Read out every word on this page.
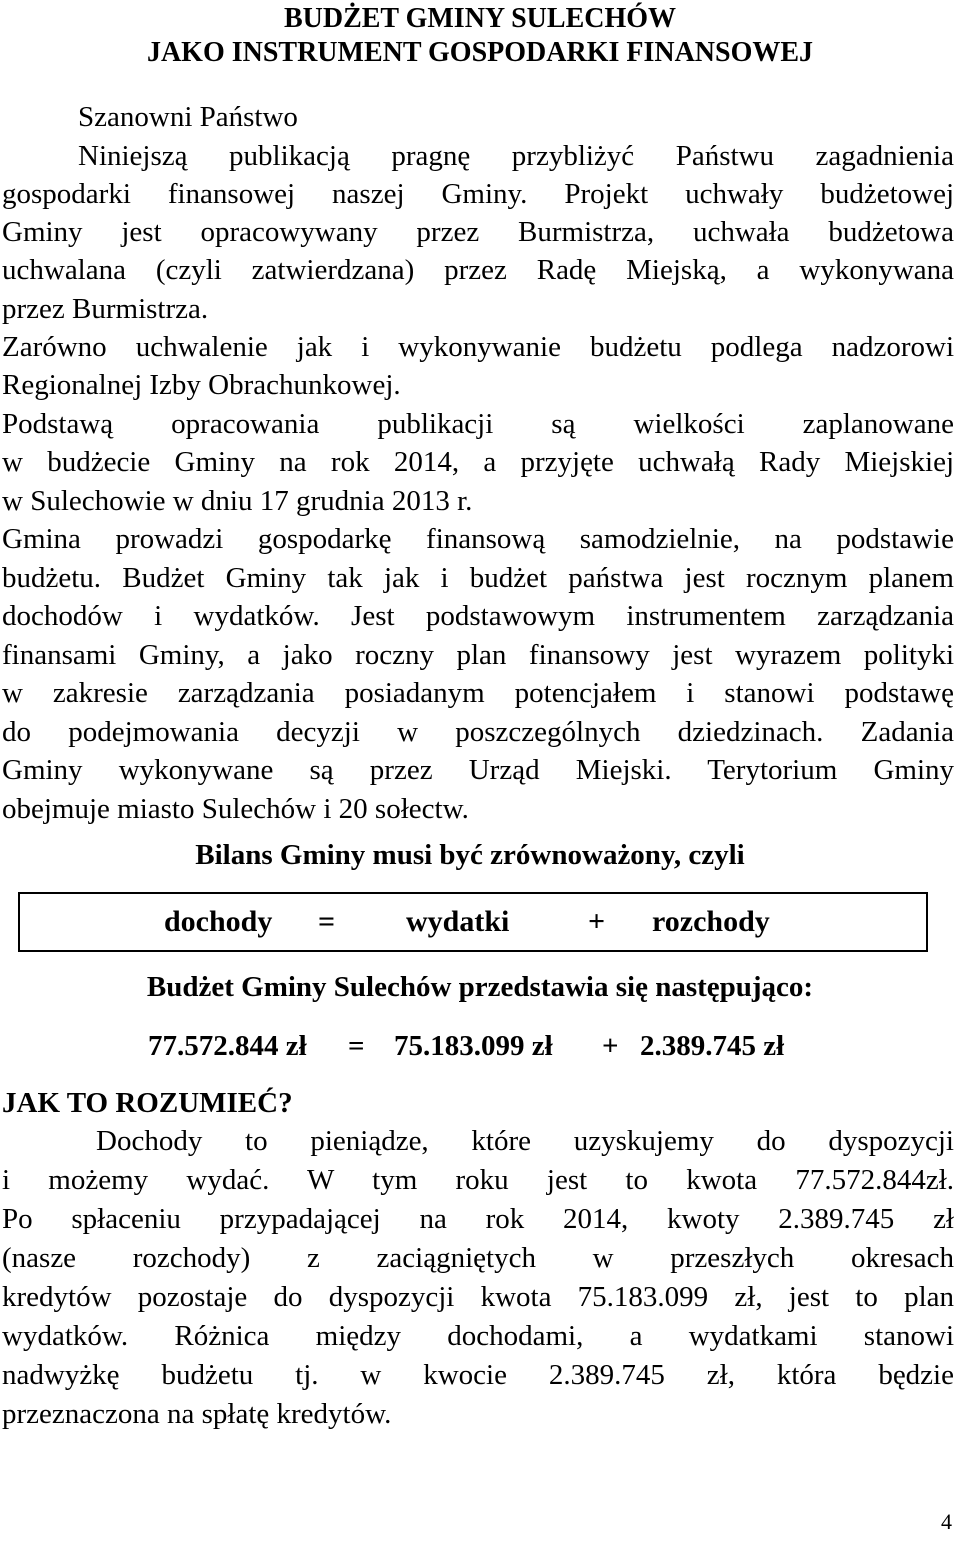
BUDŻET GMINY SULECHÓW
JAKO INSTRUMENT GOSPODARKI FINANSOWEJ
Szanowni Państwo
Niniejszą publikacją pragnę przybliżyć Państwu zagadnienia
gospodarki finansowej naszej Gminy. Projekt uchwały budżetowej
Gminy jest opracowywany przez Burmistrza, uchwała budżetowa
uchwalana (czyli zatwierdzana) przez Radę Miejską, a wykonywana
przez Burmistrza.
Zarówno uchwalenie jak i wykonywanie budżetu podlega nadzorowi
Regionalnej Izby Obrachunkowej.
Podstawą opracowania publikacji są wielkości zaplanowane
w budżecie Gminy na rok 2014, a przyjęte uchwałą Rady Miejskiej
w Sulechowie w dniu 17 grudnia 2013 r.
Gmina prowadzi gospodarkę finansową samodzielnie, na podstawie
budżetu. Budżet Gminy tak jak i budżet państwa jest rocznym planem
dochodów i wydatków. Jest podstawowym instrumentem zarządzania
finansami Gminy, a jako roczny plan finansowy jest wyrazem polityki
w zakresie zarządzania posiadanym potencjałem i stanowi podstawę
do podejmowania decyzji w poszczególnych dziedzinach. Zadania
Gminy wykonywane są przez Urząd Miejski. Terytorium Gminy
obejmuje miasto Sulechów i 20 sołectw.
Bilans Gminy musi być zrównoważony, czyli
dochody = wydatki	+ rozchody
Budżet Gminy Sulechów przedstawia się następująco:
77.572.844 zł = 75.183.099 zł + 2.389.745 zł
JAK TO ROZUMIEĆ?
Dochody to pieniądze, które uzyskujemy do dyspozycji
i możemy wydać. W tym roku jest to kwota 77.572.844zł.
Po spłaceniu przypadającej na rok 2014, kwoty 2.389.745 zł
(nasze rozchody) z zaciągniętych w przeszłych okresach
kredytów pozostaje do dyspozycji kwota 75.183.099 zł, jest to plan
wydatków. Różnica między dochodami, a wydatkami stanowi
nadwyżkę budżetu tj. w kwocie 2.389.745 zł, która będzie
przeznaczona na spłatę kredytów.
4
